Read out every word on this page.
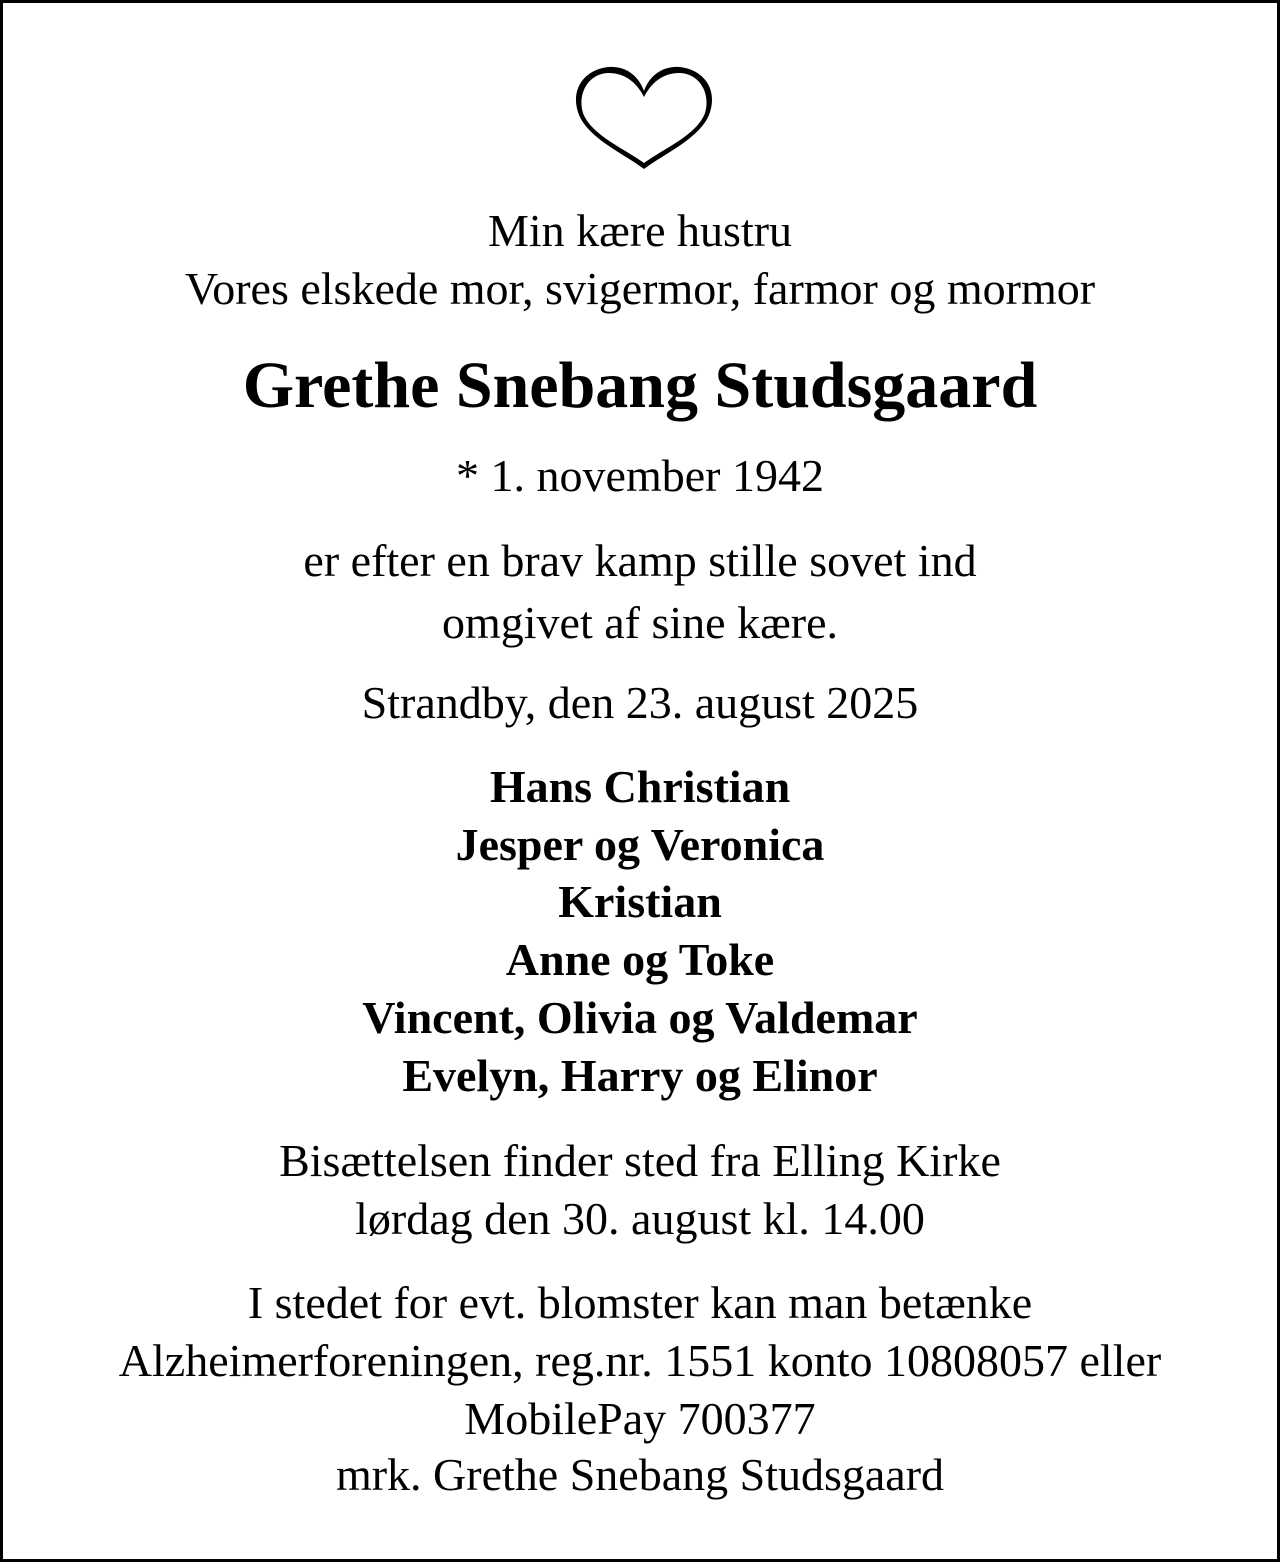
Min kære hustru
Vores elskede mor, svigermor, farmor og mormor
Grethe Snebang Studsgaard
* 1. november 1942
er efter en brav kamp stille sovet ind
omgivet af sine kære.
Strandby, den 23. august 2025
Hans Christian
Jesper og Veronica
Kristian
Anne og Toke
Vincent, Olivia og Valdemar
Evelyn, Harry og Elinor
Bisættelsen finder sted fra Elling Kirke
lørdag den 30. august kl. 14.00
I stedet for evt. blomster kan man betænke
Alzheimerforeningen, reg.nr. 1551 konto 10808057 eller
MobilePay 700377
mrk. Grethe Snebang Studsgaard
